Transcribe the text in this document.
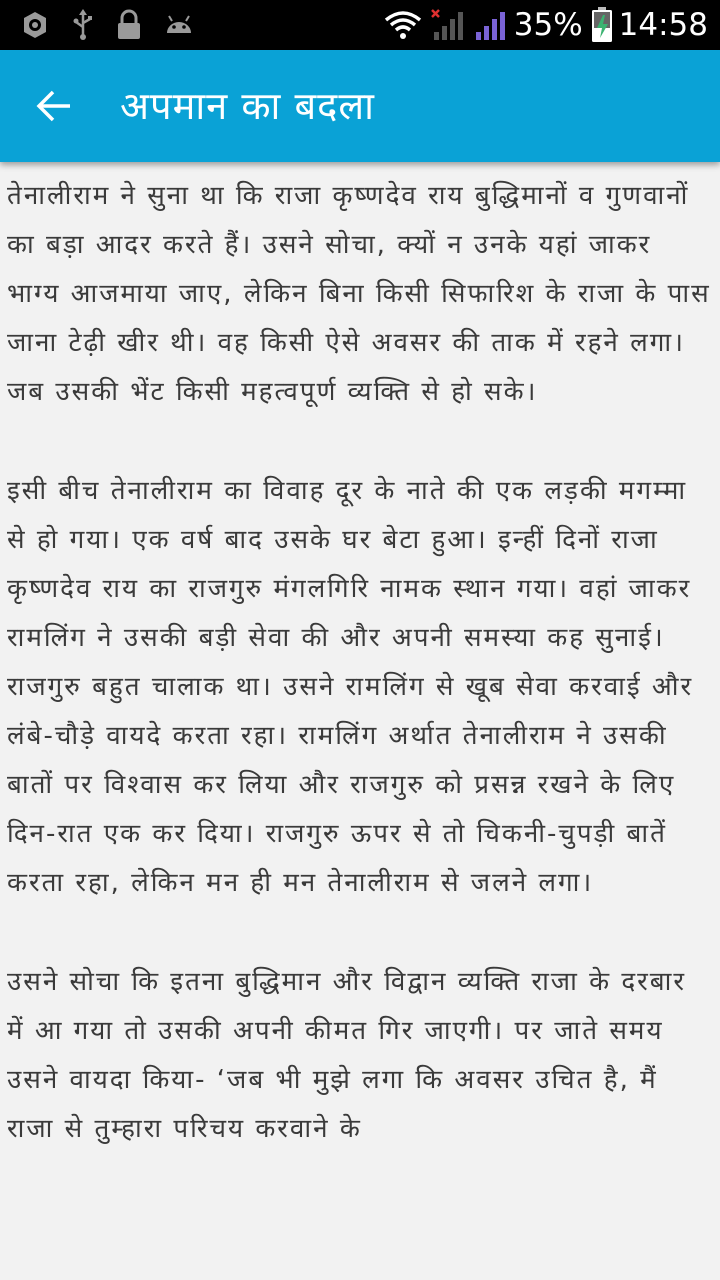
35% 14:58
अपमान का बदला

तेनालीराम ने सुना था कि राजा कृष्णदेव राय बुद्धिमानों व गुणवानों का बड़ा आदर करते हैं। उसने सोचा, क्यों न उनके यहां जाकर भाग्य आजमाया जाए, लेकिन बिना किसी सिफारिश के राजा के पास जाना टेढ़ी खीर थी। वह किसी ऐसे अवसर की ताक में रहने लगा। जब उसकी भेंट किसी महत्वपूर्ण व्यक्ति से हो सके।

इसी बीच तेनालीराम का विवाह दूर के नाते की एक लड़की मगम्मा से हो गया। एक वर्ष बाद उसके घर बेटा हुआ। इन्हीं दिनों राजा कृष्णदेव राय का राजगुरु मंगलगिरि नामक स्थान गया। वहां जाकर रामलिंग ने उसकी बड़ी सेवा की और अपनी समस्या कह सुनाई।

राजगुरु बहुत चालाक था। उसने रामलिंग से खूब सेवा करवाई और लंबे-चौड़े वायदे करता रहा। रामलिंग अर्थात तेनालीराम ने उसकी बातों पर विश्वास कर लिया और राजगुरु को प्रसन्न रखने के लिए दिन-रात एक कर दिया। राजगुरु ऊपर से तो चिकनी-चुपड़ी बातें करता रहा, लेकिन मन ही मन तेनालीराम से जलने लगा।

उसने सोचा कि इतना बुद्धिमान और विद्वान व्यक्ति राजा के दरबार में आ गया तो उसकी अपनी कीमत गिर जाएगी। पर जाते समय उसने वायदा किया- ‘जब भी मुझे लगा कि अवसर उचित है, मैं राजा से तुम्हारा परिचय करवाने के
